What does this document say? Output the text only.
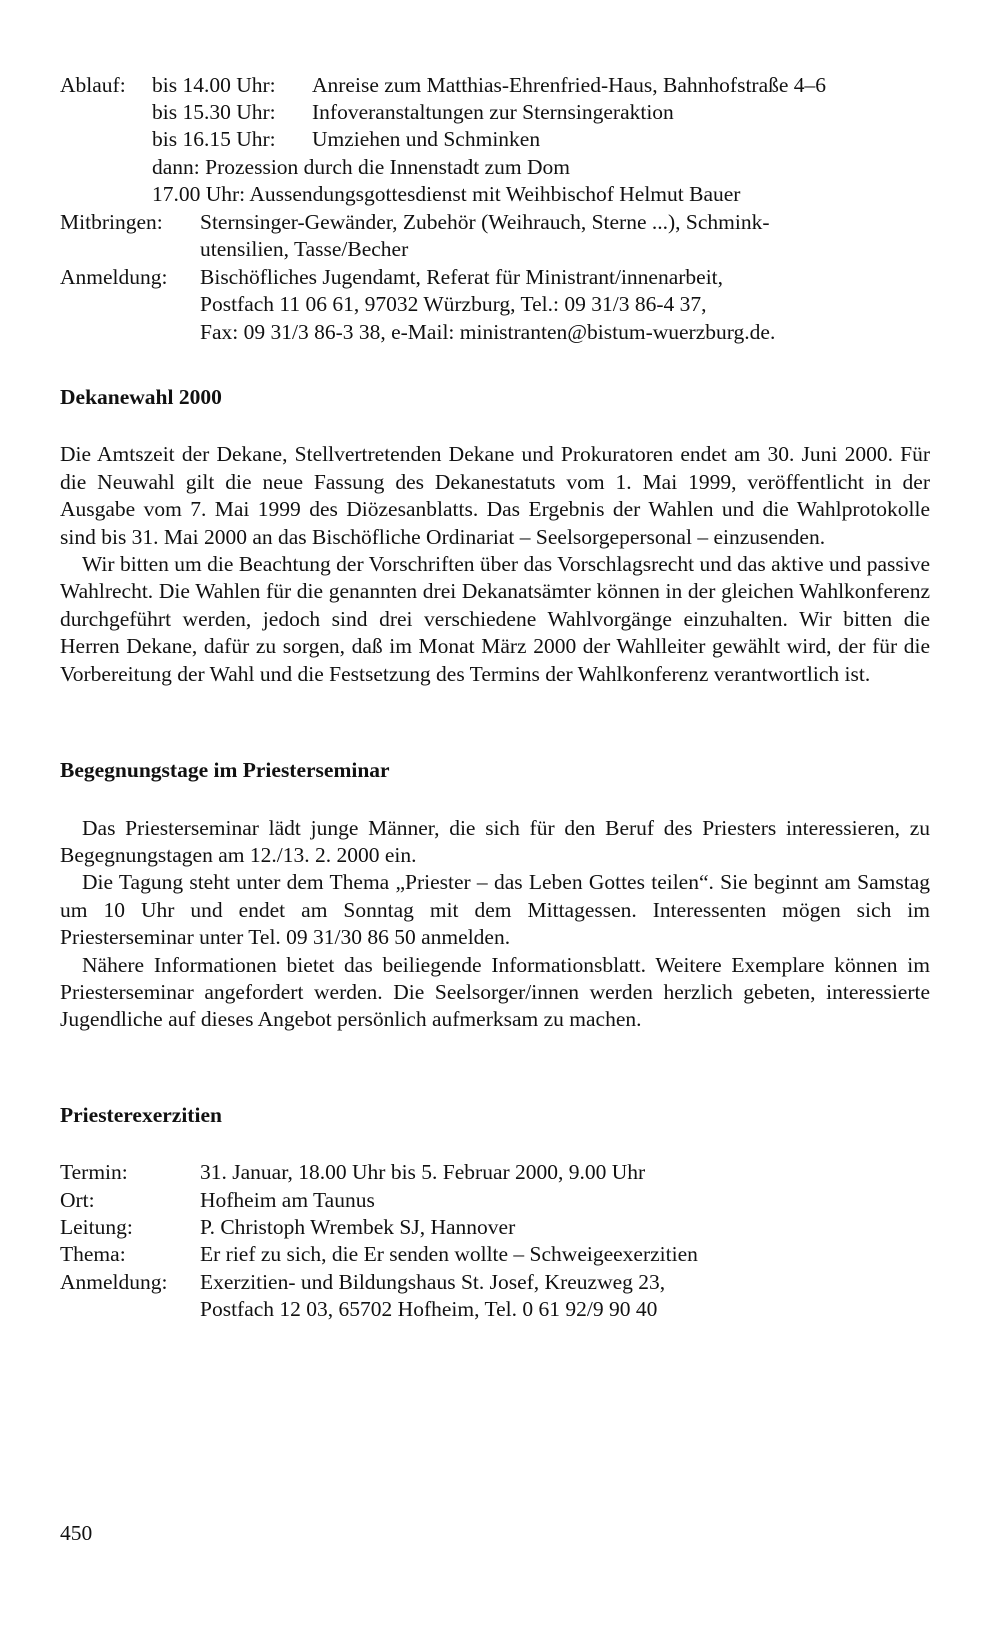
Ablauf: bis 14.00 Uhr: Anreise zum Matthias-Ehrenfried-Haus, Bahnhofstraße 4–6
bis 15.30 Uhr: Infoveranstaltungen zur Sternsingeraktion
bis 16.15 Uhr: Umziehen und Schminken
dann: Prozession durch die Innenstadt zum Dom
17.00 Uhr: Aussendungsgottesdienst mit Weihbischof Helmut Bauer
Mitbringen:	Sternsinger-Gewänder, Zubehör (Weihrauch, Sterne ...), Schmink-
utensilien, Tasse/Becher
Anmeldung:	Bischöfliches Jugendamt, Referat für Ministrant/innenarbeit,
Postfach 11 06 61, 97032 Würzburg, Tel.: 09 31/3 86-4 37,
Fax: 09 31/3 86-3 38, e-Mail: ministranten@bistum-wuerzburg.de.
Dekanewahl 2000

Die Amtszeit der Dekane, Stellvertretenden Dekane und Prokuratoren endet am 30. Juni 2000. Für die Neuwahl gilt die neue Fassung des Dekanestatuts vom 1. Mai 1999, veröffentlicht in der Ausgabe vom 7. Mai 1999 des Diözesanblatts. Das Ergebnis der Wahlen und die Wahlprotokolle sind bis 31. Mai 2000 an das Bischöfliche Ordinariat – Seelsorgepersonal – einzusenden.

Wir bitten um die Beachtung der Vorschriften über das Vorschlagsrecht und das aktive und passive Wahlrecht. Die Wahlen für die genannten drei Dekanatsämter können in der gleichen Wahlkonferenz durchgeführt werden, jedoch sind drei verschiedene Wahlvorgänge einzuhalten. Wir bitten die Herren Dekane, dafür zu sorgen, daß im Monat März 2000 der Wahlleiter gewählt wird, der für die Vorbereitung der Wahl und die Festsetzung des Termins der Wahlkonferenz verantwortlich ist.

Begegnungstage im Priesterseminar

Das Priesterseminar lädt junge Männer, die sich für den Beruf des Priesters interessieren, zu Begegnungstagen am 12./13. 2. 2000 ein.

Die Tagung steht unter dem Thema „Priester – das Leben Gottes teilen“. Sie beginnt am Samstag um 10 Uhr und endet am Sonntag mit dem Mittagessen. Interessenten mögen sich im Priesterseminar unter Tel. 09 31/30 86 50 anmelden.

Nähere Informationen bietet das beiliegende Informationsblatt. Weitere Exemplare können im Priesterseminar angefordert werden. Die Seelsorger/innen werden herzlich gebeten, interessierte Jugendliche auf dieses Angebot persönlich aufmerksam zu machen.

Priesterexerzitien
Termin:	31. Januar, 18.00 Uhr bis 5. Februar 2000, 9.00 Uhr
Ort:	Hofheim am Taunus
Leitung:	P. Christoph Wrembek SJ, Hannover
Thema:	Er rief zu sich, die Er senden wollte – Schweigeexerzitien
Anmeldung:	Exerzitien- und Bildungshaus St. Josef, Kreuzweg 23,
Postfach 12 03, 65702 Hofheim, Tel. 0 61 92/9 90 40
450
